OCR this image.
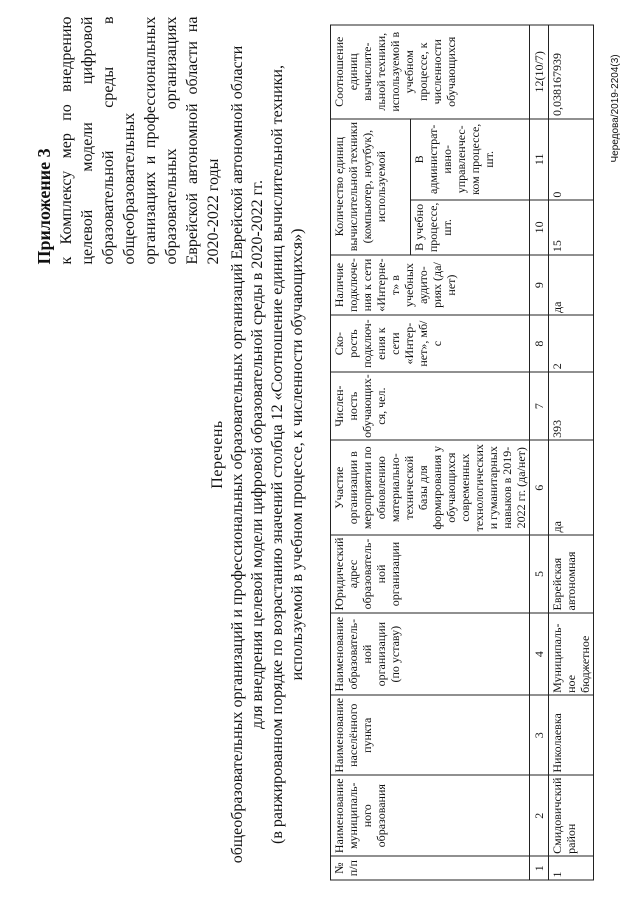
Приложение 3 к Комплексу мер по внедрению целевой модели цифровой образовательной среды в общеобразовательных организациях и профессиональных образовательных организациях Еврейской автономной области на 2020-2022 годы
Перечень общеобразовательных организаций и профессиональных образовательных организаций Еврейской автономной области для внедрения целевой модели цифровой образовательной среды в 2020-2022 гг. (в ранжированном порядке по возрастанию значений столбца 12 «Соотношение единиц вычислительной техники, используемой в учебном процессе, к численности обучающихся»)
№ п/п	Наименование муниципаль-ного образования	Наименование населённого пункта	Наименование образователь-ной организации (по уставу)	Юридический адрес образователь-ной организации	Участие организации в мероприятии по обновлению материально-технической базы для формирования у обучающихся современных технологических и гуманитарных навыков в 2019-2022 гг. (да/нет)	Числен-ность обучающих-ся, чел.	Ско-рость подключ-ения к сети «Интер-нет», мб/с	Наличие подключе-ния к сети «Интерне-т» в учебных аудито-риях (да/нет)	Количество единиц вычислительной техники (компьютер, ноутбук), используемой		Соотношение единиц вычислите-льной техники, используемой в учебном процессе, к численности обучающихся
									В учебно процессе, шт.	В администрат-ивно-управленчес-ком процессе, шт.	
1	2	3	4	5	6	7	8	9	10	11	12(10/7)
1	Смидовичский район	Николаевка	Муниципаль-ное бюджетное	Еврейская автономная	да	393	2	да	15	0	0,038167939	Чередова/2019-2204(3)
